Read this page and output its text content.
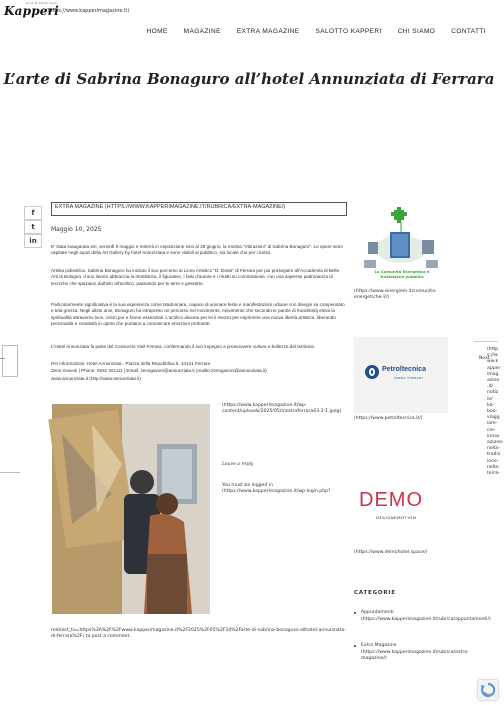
Kapperi
food & drink style
(https://www.kapperimagazine.it)
HOME MAGAZINE EXTRA MAGAZINE SALOTTO KAPPERI CHI SIAMO CONTATTI
L’arte di Sabrina Bonaguro all’hotel Annunziata di Ferrara
EXTRA MAGAZINE (HTTPS://WWW.KAPPERIMAGAZINE.IT/RUBRICA/EXTRA-MAGAZINE/)
f
t
in
Maggio 10, 2025
E' stata inaugurata ieri, venerdì 9 maggio e resterà in esposizione sino al 29 giugno, la mostra “Vibrazioni” di Sabrina Bonaguro”. Le opere sono ospitate negli spazi della Art Gallery by hotel Annunziata e sono visibili al pubblico, sia locale che per i turisti.
Artista poliedrica, Sabrina Bonaguro ha iniziato il suo percorso al Liceo Artistico “D. Dossi” di Ferrara per poi proseguire all'Accademia di Belle Arti di Bologna. Il suo lavoro abbraccia la ritrattistica, il figurativo, i falsi d'autore e i ritratti su commissione, con una sapiente padronanza di tecniche che spaziano dall'olio all'acrilico, passando per le terre e gessetto.
Particolarmente significativa è la sua esperienza come Madonnara, capace di animare feste e manifestazioni urbane con disegni su compensato e tela grezza. Negli ultimi anni, Bonaguro ha intrapreso un percorso nel movimento, movimento che secondo le parole di Kandinskij eleva la spiritualità attraverso luce, colori pur e forme essenziali. L'acrilico diventa per lei il mezzo per esprimere una nuova libertà artistica, liberando personalità e creatività in opere che puntano a comunicare emozioni profonde.
L'Hotel Annunziata fa parte del Consorzio Visit Ferrara, confermando il suo impegno a promuovere cultura e bellezza del territorio.
Per informazioni: Hotel Annunziata - Piazza della Repubblica 5, 44121 Ferrara
Zeno Gavoni | Phone: 0532 201111 | Email: zenogavoni@annunziata.it (mailto:zenogavoni@annunziata.it)
www.annunziata.it (http://www.annunziata.it)
(https://www.kapperimagazine.it/wp-content/uploads/2025/05/mostraferrara63-2-1.jpeg)
Leave a reply
You must be logged in (https://www.kapperimagazine.it/wp-login.php?
redirect_to=https%3A%2F%2Fwww.kapperimagazine.it%2F2025%2F05%2F10%2Farte-di-sabrina-bonaguro-allhotel-annunziata-di-ferrara%2F) to post a comment.
La Comunità Energetica e traslazione pubblica
(https://www.sinergiem.it/comunita-energetiche-2/)
Petroltecnica
TERRA THERAPY
(https://www.petroltecnica.it/)
DEMO
DESIGNEMOTION
(https://www.demohotel.space/)
CATEGORIE
Appuntamenti (https://www.kapperimagazine.it/rubrica/appuntamenti/)
Extra Magazine (https://www.kapperimagazine.it/rubrica/extra-magazine/)
Next
(http
s://w
ww.k
apper
imag
azine
.it/
notiz
ie/
ka-
boo-
viagg
iare-
cer-
innov
azione-
nella-
tradiz
ione-
nella-
terra-
